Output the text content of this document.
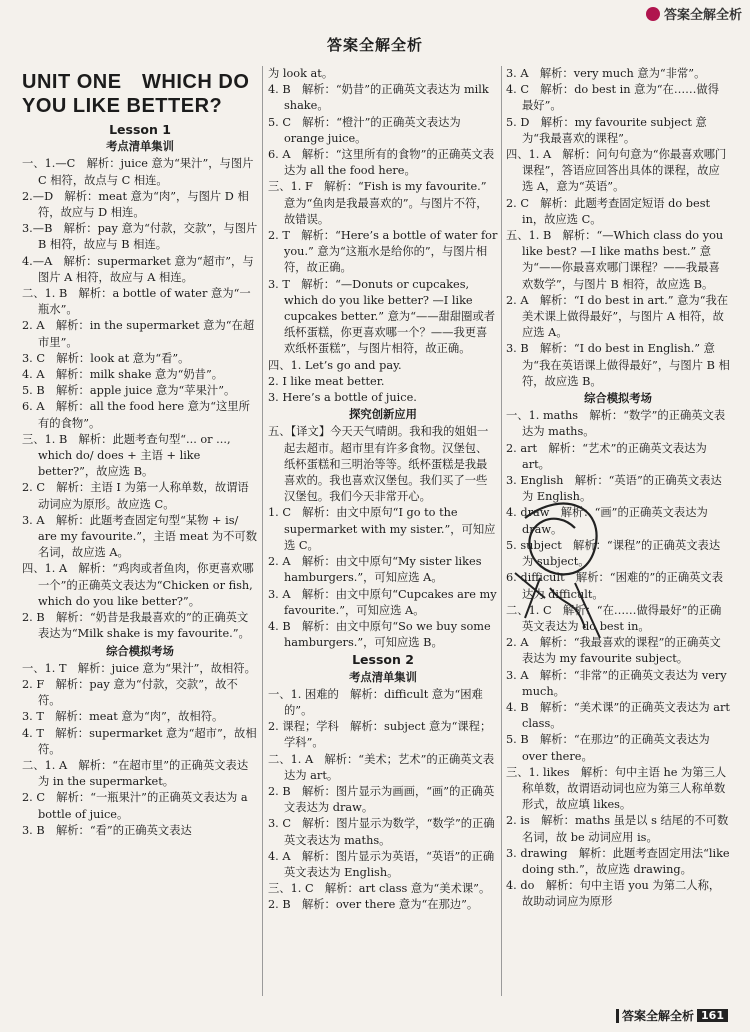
答案全解全析
答案全解全析
UNIT ONE　WHICH DO YOU LIKE BETTER?
Lesson 1
考点清单集训
一、1.—C　解析：juice 意为“果汁”，与图片 C 相符，故点与 C 相连。
2.—D　解析：meat 意为“肉”，与图片 D 相符，故应与 D 相连。
3.—B　解析：pay 意为“付款，交款”，与图片 B 相符，故应与 B 相连。
4.—A　解析：supermarket 意为“超市”，与图片 A 相符，故应与 A 相连。
二、1. B　解析：a bottle of water 意为“一瓶水”。
2. A　解析：in the supermarket 意为“在超市里”。
3. C　解析：look at 意为“看”。
4. A　解析：milk shake 意为“奶昔”。
5. B　解析：apple juice 意为“苹果汁”。
6. A　解析：all the food here 意为“这里所有的食物”。
三、1. B　解析：此题考查句型“... or ..., which do/ does + 主语 + like better?”，故应选 B。
2. C　解析：主语 I 为第一人称单数，故谓语动词应为原形。故应选 C。
3. A　解析：此题考查固定句型“某物 + is/ are my favourite.”，主语 meat 为不可数名词，故应选 A。
四、1. A　解析：“鸡肉或者鱼肉，你更喜欢哪一个”的正确英文表达为“Chicken or fish, which do you like better?”。
2. B　解析：“奶昔是我最喜欢的”的正确英文表达为“Milk shake is my favourite.”。
综合模拟考场
一、1. T　解析：juice 意为“果汁”，故相符。
2. F　解析：pay 意为“付款，交款”，故不符。
3. T　解析：meat 意为“肉”，故相符。
4. T　解析：supermarket 意为“超市”，故相符。
二、1. A　解析：“在超市里”的正确英文表达为 in the supermarket。
2. C　解析：“一瓶果汁”的正确英文表达为 a bottle of juice。
3. B　解析：“看”的正确英文表达
为 look at。
4. B　解析：“奶昔”的正确英文表达为 milk shake。
5. C　解析：“橙汁”的正确英文表达为 orange juice。
6. A　解析：“这里所有的食物”的正确英文表达为 all the food here。
三、1. F　解析：“Fish is my favourite.” 意为“鱼肉是我最喜欢的”。与图片不符，故错误。
2. T　解析：“Here’s a bottle of water for you.” 意为“这瓶水是给你的”，与图片相符，故正确。
3. T　解析：“—Donuts or cupcakes, which do you like better? —I like cupcakes better.” 意为“——甜甜圈或者纸杯蛋糕，你更喜欢哪一个？——我更喜欢纸杯蛋糕”，与图片相符，故正确。
四、1. Let’s go and pay.
2. I like meat better.
3. Here’s a bottle of juice.
探究创新应用
五、【译文】今天天气晴朗。我和我的姐姐一起去超市。超市里有许多食物。汉堡包、纸杯蛋糕和三明治等等。纸杯蛋糕是我最喜欢的。我也喜欢汉堡包。我们买了一些汉堡包。我们今天非常开心。
1. C　解析：由文中原句“I go to the supermarket with my sister.”，可知应选 C。
2. A　解析：由文中原句“My sister likes hamburgers.”，可知应选 A。
3. A　解析：由文中原句“Cupcakes are my favourite.”，可知应选 A。
4. B　解析：由文中原句“So we buy some hamburgers.”，可知应选 B。
Lesson 2
考点清单集训
一、1. 困难的　解析：difficult 意为“困难的”。
2. 课程；学科　解析：subject 意为“课程；学科”。
二、1. A　解析：“美术；艺术”的正确英文表达为 art。
2. B　解析：图片显示为画画，“画”的正确英文表达为 draw。
3. C　解析：图片显示为数学，“数学”的正确英文表达为 maths。
4. A　解析：图片显示为英语，“英语”的正确英文表达为 English。
三、1. C　解析：art class 意为“美术课”。
2. B　解析：over there 意为“在那边”。
3. A　解析：very much 意为“非常”。
4. C　解析：do best in 意为“在……做得最好”。
5. D　解析：my favourite subject 意为“我最喜欢的课程”。
四、1. A　解析：问句句意为“你最喜欢哪门课程”，答语应回答出具体的课程，故应选 A，意为“英语”。
2. C　解析：此题考查固定短语 do best in，故应选 C。
五、1. B　解析：“—Which class do you like best? —I like maths best.” 意为“——你最喜欢哪门课程？——我最喜欢数学”，与图片 B 相符，故应选 B。
2. A　解析：“I do best in art.” 意为“我在美术课上做得最好”，与图片 A 相符，故应选 A。
3. B　解析：“I do best in English.” 意为“我在英语课上做得最好”，与图片 B 相符，故应选 B。
综合模拟考场
一、1. maths　解析：“数学”的正确英文表达为 maths。
2. art　解析：“艺术”的正确英文表达为 art。
3. English　解析：“英语”的正确英文表达为 English。
4. draw　解析：“画”的正确英文表达为 draw。
5. subject　解析：“课程”的正确英文表达为 subject。
6. difficult　解析：“困难的”的正确英文表达为 difficult。
二、1. C　解析：“在……做得最好”的正确英文表达为 do best in。
2. A　解析：“我最喜欢的课程”的正确英文表达为 my favourite subject。
3. A　解析：“非常”的正确英文表达为 very much。
4. B　解析：“美术课”的正确英文表达为 art class。
5. B　解析：“在那边”的正确英文表达为 over there。
三、1. likes　解析：句中主语 he 为第三人称单数，故谓语动词也应为第三人称单数形式，故应填 likes。
2. is　解析：maths 虽是以 s 结尾的不可数名词，故 be 动词应用 is。
3. drawing　解析：此题考查固定用法“like doing sth.”，故应选 drawing。
4. do　解析：句中主语 you 为第二人称，故助动词应为原形
答案全解全析 161
